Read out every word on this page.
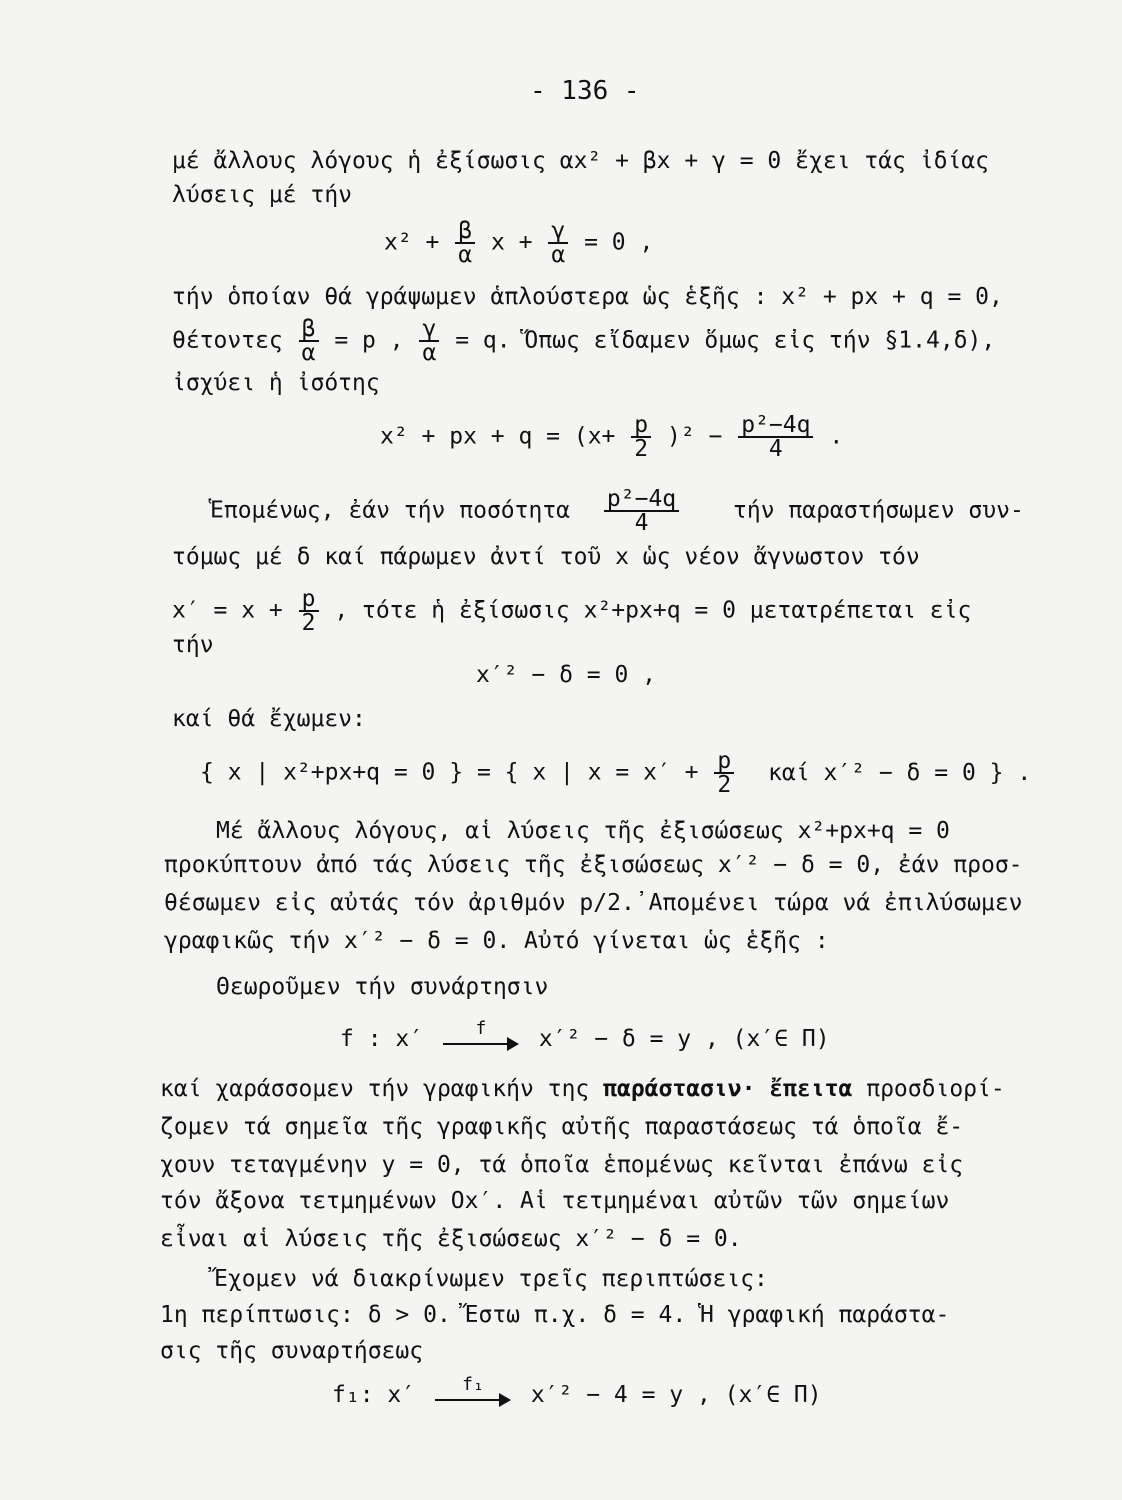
- 136 -
μέ ἄλλους λόγους ἡ ἐξίσωσις αx² + βx + γ = 0 ἔχει τάς ἰδίας
λύσεις μέ τήν
$x^2 + \frac{\beta}{\alpha}$ $x + \frac{\gamma}{\alpha} = 0$ ,
τήν ὁποίαν θά γράψωμεν ἁπλούστερα ὡς ἑξῆς : x² + px + q = 0,
θέτοντες $\frac{\beta}{\alpha} = p$ , $\frac{\gamma}{\alpha} = q$. Ὅπως εἴδαμεν ὅμως εἰς τήν §1.4,δ),
ἰσχύει ἡ ἰσότης
x² + px + $q = (x+ \frac{p}{2} )^2 - \frac{\text{p²−4q}}{4}$ .
Ἑπομένως, ἐάν τήν ποσότητα $\frac{\text{p²−4q}}{4}$ τήν παραστήσωμεν συν-
τόμως μέ δ καί πάρωμεν ἀντί τοῦ x ὡς νέον ἄγνωστον τόν
$x' = x + \frac{p}{2}$ , τότε ἡ ἐξίσωσις x²+px+q = 0 μετατρέπεται εἰς
τήν
x′² − δ = 0 ,
καί θά ἔχωμεν:
{ x | x²+px+q = 0 } = { x | $x = x' + \frac{p}{2}$ καί x′² − δ = 0 } .
Μέ ἄλλους λόγους, αἱ λύσεις τῆς ἐξισώσεως x²+px+q = 0
προκύπτουν ἀπό τάς λύσεις τῆς ἐξισώσεως x′² − δ = 0, ἐάν προσ-
θέσωμεν εἰς αὐτάς τόν ἀριθμόν p/2.᾿Απομένει τώρα νά ἐπιλύσωμεν
γραφικῶς τήν x′² − δ = 0. Αὐτό γίνεται ὡς ἑξῆς :
Θεωροῦμεν τήν συνάρτησιν
f : x′	f	x′² − δ = y , (x′∈ Π)
καί χαράσσομεν τήν γραφικήν της παράστασιν· ἔπειτα προσδιορί-
ζομεν τά σημεῖα τῆς γραφικῆς αὐτῆς παραστάσεως τά ὁποῖα ἔ-
χουν τεταγμένην y = 0, τά ὁποῖα ἑπομένως κεῖνται ἐπάνω εἰς
τόν ἄξονα τετμημένων Ox′. Αἱ τετμημέναι αὐτῶν τῶν σημείων
εἶναι αἱ λύσεις τῆς ἐξισώσεως x′² − δ = 0.
Ἔχομεν νά διακρίνωμεν τρεῖς περιπτώσεις:
1η περίπτωσις: δ > 0. Ἔστω π.χ. δ = 4. Ἡ γραφική παράστα-
σις τῆς συναρτήσεως
f₁: x′	f₁	x′² − 4 = y , (x′∈ Π)
